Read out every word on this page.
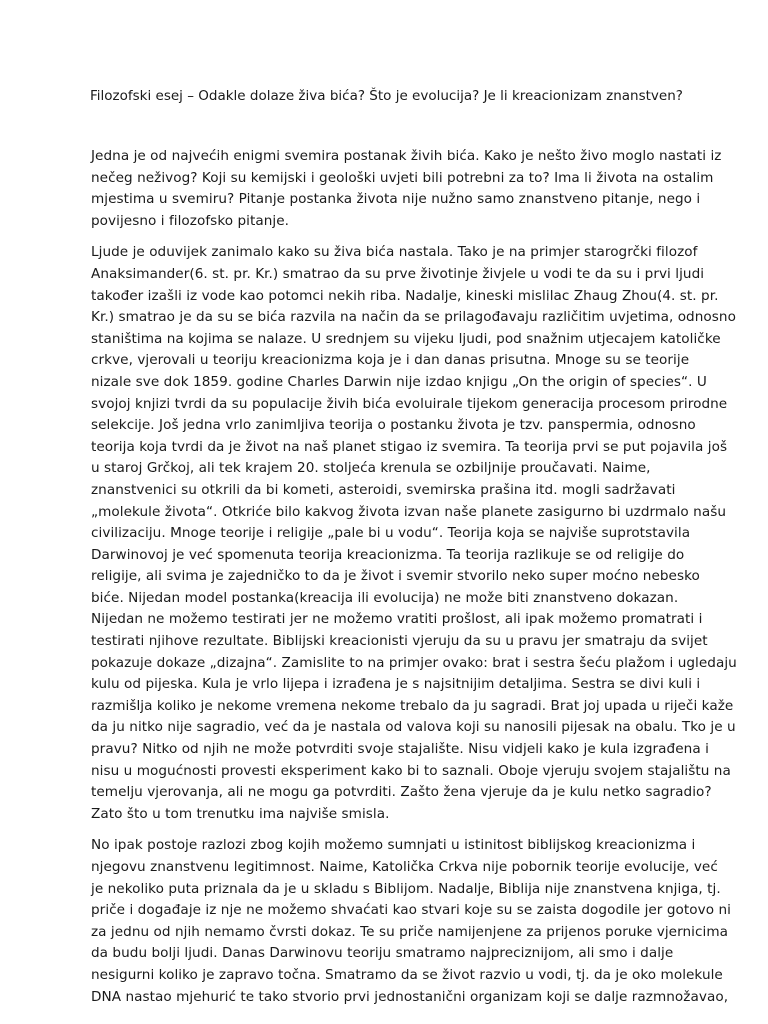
Filozofski esej – Odakle dolaze živa bića? Što je evolucija? Je li kreacionizam znanstven?
Jedna je od najvećih enigmi svemira postanak živih bića. Kako je nešto živo moglo nastati iz
nečeg neživog? Koji su kemijski i geološki uvjeti bili potrebni za to? Ima li života na ostalim
mjestima u svemiru? Pitanje postanka života nije nužno samo znanstveno pitanje, nego i
povijesno i filozofsko pitanje.
Ljude je oduvijek zanimalo kako su živa bića nastala. Tako je na primjer starogrčki filozof
Anaksimander(6. st. pr. Kr.) smatrao da su prve životinje živjele u vodi te da su i prvi ljudi
također izašli iz vode kao potomci nekih riba. Nadalje, kineski mislilac Zhaug Zhou(4. st. pr.
Kr.) smatrao je da su se bića razvila na način da se prilagođavaju različitim uvjetima, odnosno
staništima na kojima se nalaze. U srednjem su vijeku ljudi, pod snažnim utjecajem katoličke
crkve, vjerovali u teoriju kreacionizma koja je i dan danas prisutna. Mnoge su se teorije
nizale sve dok 1859. godine Charles Darwin nije izdao knjigu „On the origin of species“. U
svojoj knjizi tvrdi da su populacije živih bića evoluirale tijekom generacija procesom prirodne
selekcije. Još jedna vrlo zanimljiva teorija o postanku života je tzv. panspermia, odnosno
teorija koja tvrdi da je život na naš planet stigao iz svemira. Ta teorija prvi se put pojavila još
u staroj Grčkoj, ali tek krajem 20. stoljeća krenula se ozbiljnije proučavati. Naime,
znanstvenici su otkrili da bi kometi, asteroidi, svemirska prašina itd. mogli sadržavati
„molekule života“. Otkriće bilo kakvog života izvan naše planete zasigurno bi uzdrmalo našu
civilizaciju. Mnoge teorije i religije „pale bi u vodu“. Teorija koja se najviše suprotstavila
Darwinovoj je već spomenuta teorija kreacionizma. Ta teorija razlikuje se od religije do
religije, ali svima je zajedničko to da je život i svemir stvorilo neko super moćno nebesko
biće. Nijedan model postanka(kreacija ili evolucija) ne može biti znanstveno dokazan.
Nijedan ne možemo testirati jer ne možemo vratiti prošlost, ali ipak možemo promatrati i
testirati njihove rezultate. Biblijski kreacionisti vjeruju da su u pravu jer smatraju da svijet
pokazuje dokaze „dizajna“. Zamislite to na primjer ovako: brat i sestra šeću plažom i ugledaju
kulu od pijeska. Kula je vrlo lijepa i izrađena je s najsitnijim detaljima. Sestra se divi kuli i
razmišlja koliko je nekome vremena nekome trebalo da ju sagradi. Brat joj upada u riječi kaže
da ju nitko nije sagradio, već da je nastala od valova koji su nanosili pijesak na obalu. Tko je u
pravu? Nitko od njih ne može potvrditi svoje stajalište. Nisu vidjeli kako je kula izgrađena i
nisu u mogućnosti provesti eksperiment kako bi to saznali. Oboje vjeruju svojem stajalištu na
temelju vjerovanja, ali ne mogu ga potvrditi. Zašto žena vjeruje da je kulu netko sagradio?
Zato što u tom trenutku ima najviše smisla.
No ipak postoje razlozi zbog kojih možemo sumnjati u istinitost biblijskog kreacionizma i
njegovu znanstvenu legitimnost. Naime, Katolička Crkva nije pobornik teorije evolucije, već
je nekoliko puta priznala da je u skladu s Biblijom. Nadalje, Biblija nije znanstvena knjiga, tj.
priče i događaje iz nje ne možemo shvaćati kao stvari koje su se zaista dogodile jer gotovo ni
za jednu od njih nemamo čvrsti dokaz. Te su priče namijenjene za prijenos poruke vjernicima
da budu bolji ljudi. Danas Darwinovu teoriju smatramo najpreciznijom, ali smo i dalje
nesigurni koliko je zapravo točna. Smatramo da se život razvio u vodi, tj. da je oko molekule
DNA nastao mjehurić te tako stvorio prvi jednostanični organizam koji se dalje razmnožavao,
